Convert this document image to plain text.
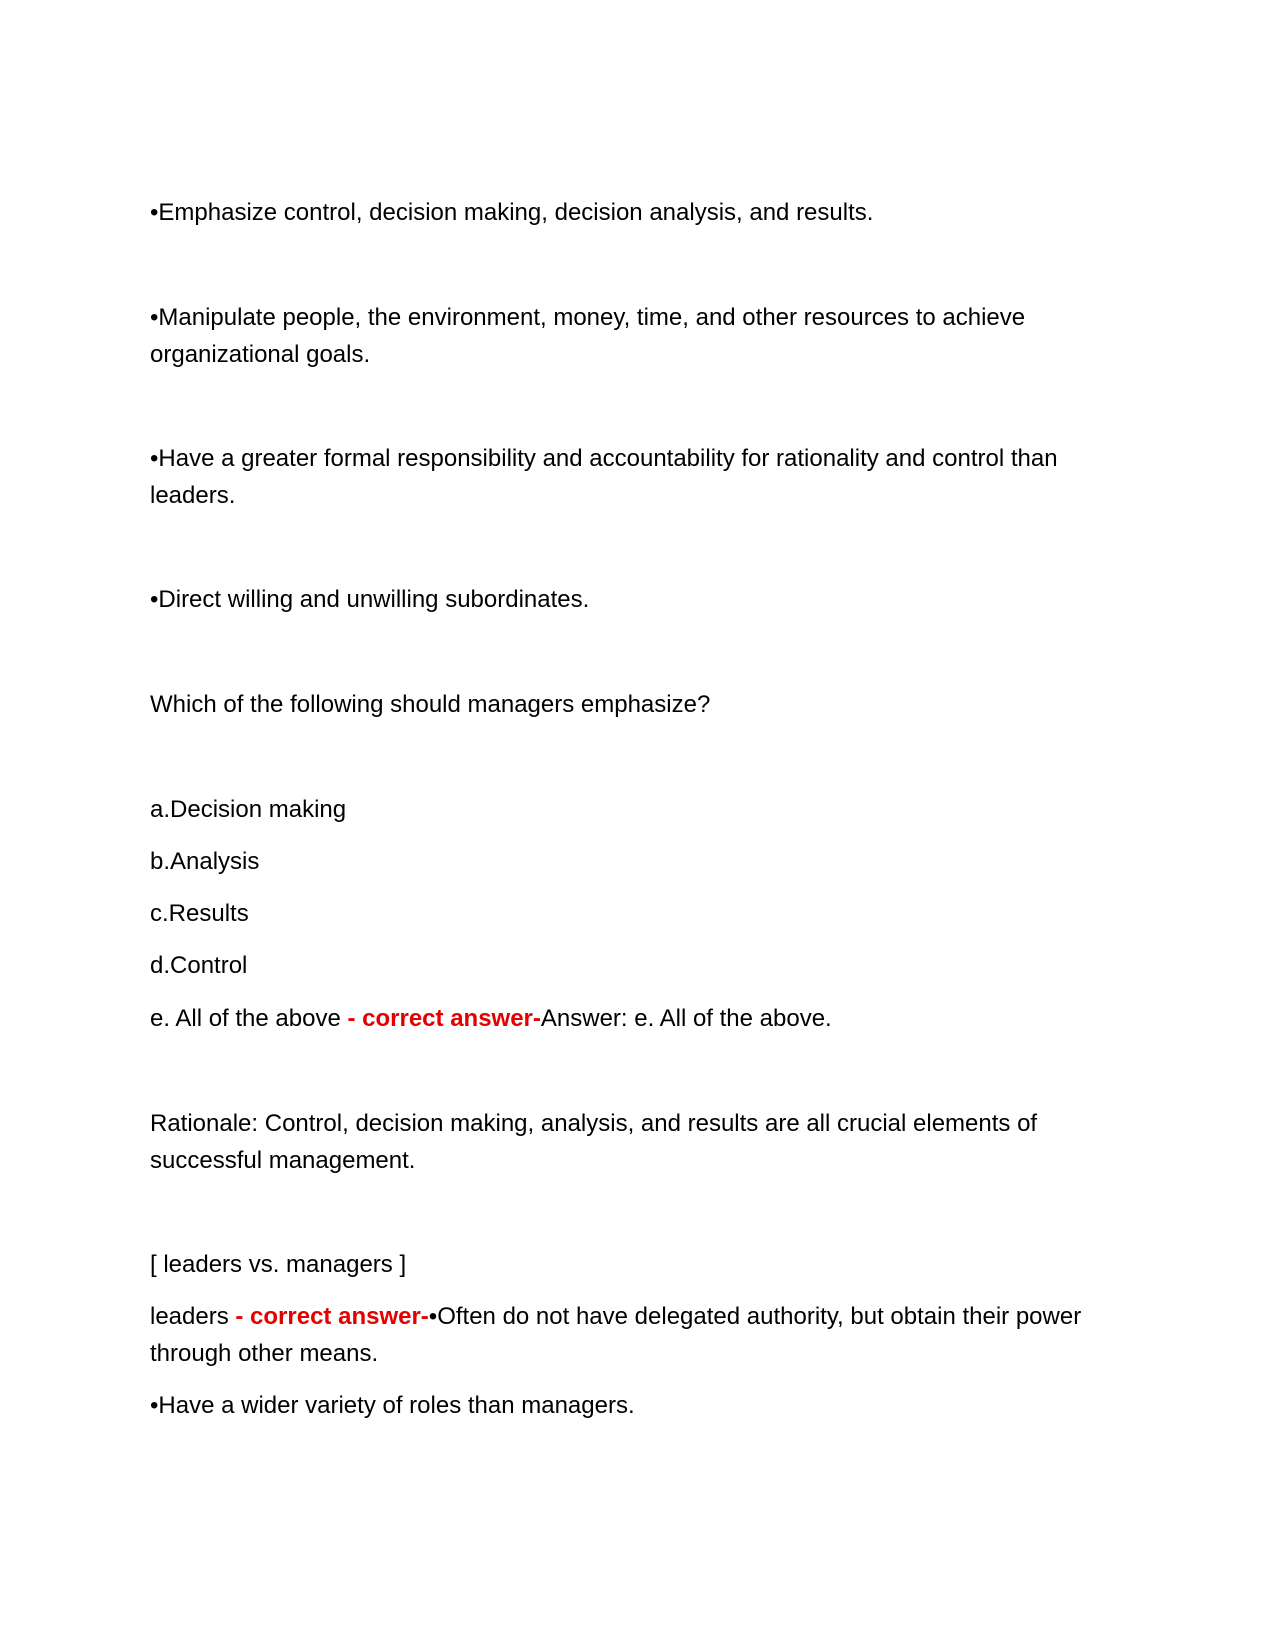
•Emphasize control, decision making, decision analysis, and results.
•Manipulate people, the environment, money, time, and other resources to achieve organizational goals.
•Have a greater formal responsibility and accountability for rationality and control than leaders.
•Direct willing and unwilling subordinates.
Which of the following should managers emphasize?
a.Decision making
b.Analysis
c.Results
d.Control
e. All of the above - correct answer-Answer: e. All of the above.
Rationale: Control, decision making, analysis, and results are all crucial elements of successful management.
[ leaders vs. managers ]
leaders - correct answer-•Often do not have delegated authority, but obtain their power through other means.
•Have a wider variety of roles than managers.
